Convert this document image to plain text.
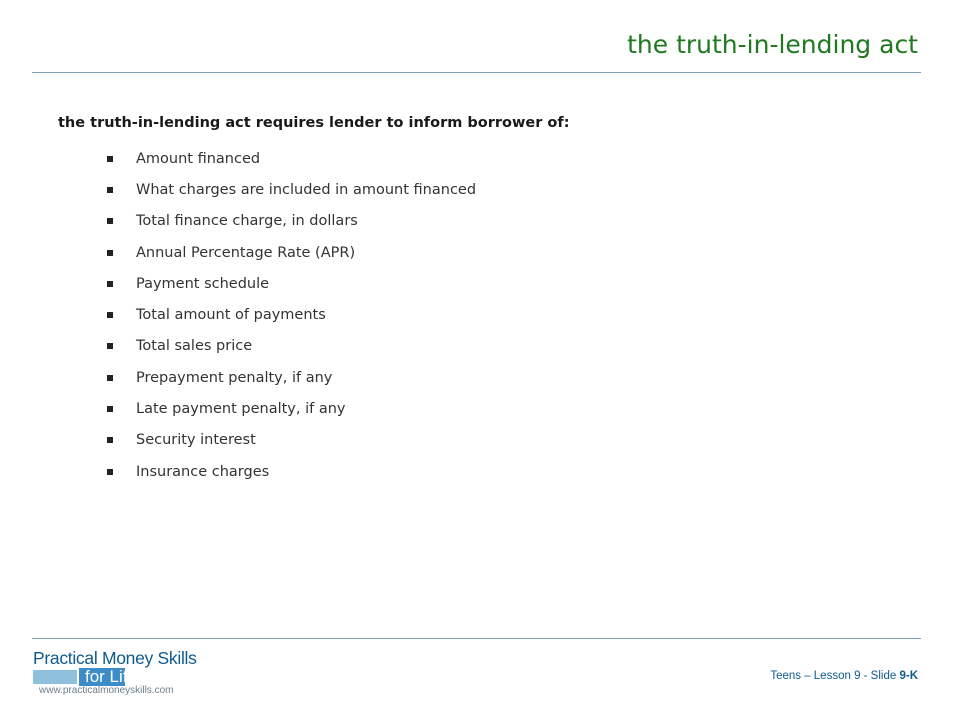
the truth-in-lending act
the truth-in-lending act requires lender to inform borrower of:
Amount financed
What charges are included in amount financed
Total finance charge, in dollars
Annual Percentage Rate (APR)
Payment schedule
Total amount of payments
Total sales price
Prepayment penalty, if any
Late payment penalty, if any
Security interest
Insurance charges
Practical Money Skills
for Life
www.practicalmoneyskills.com
Teens – Lesson 9 - Slide 9-K
